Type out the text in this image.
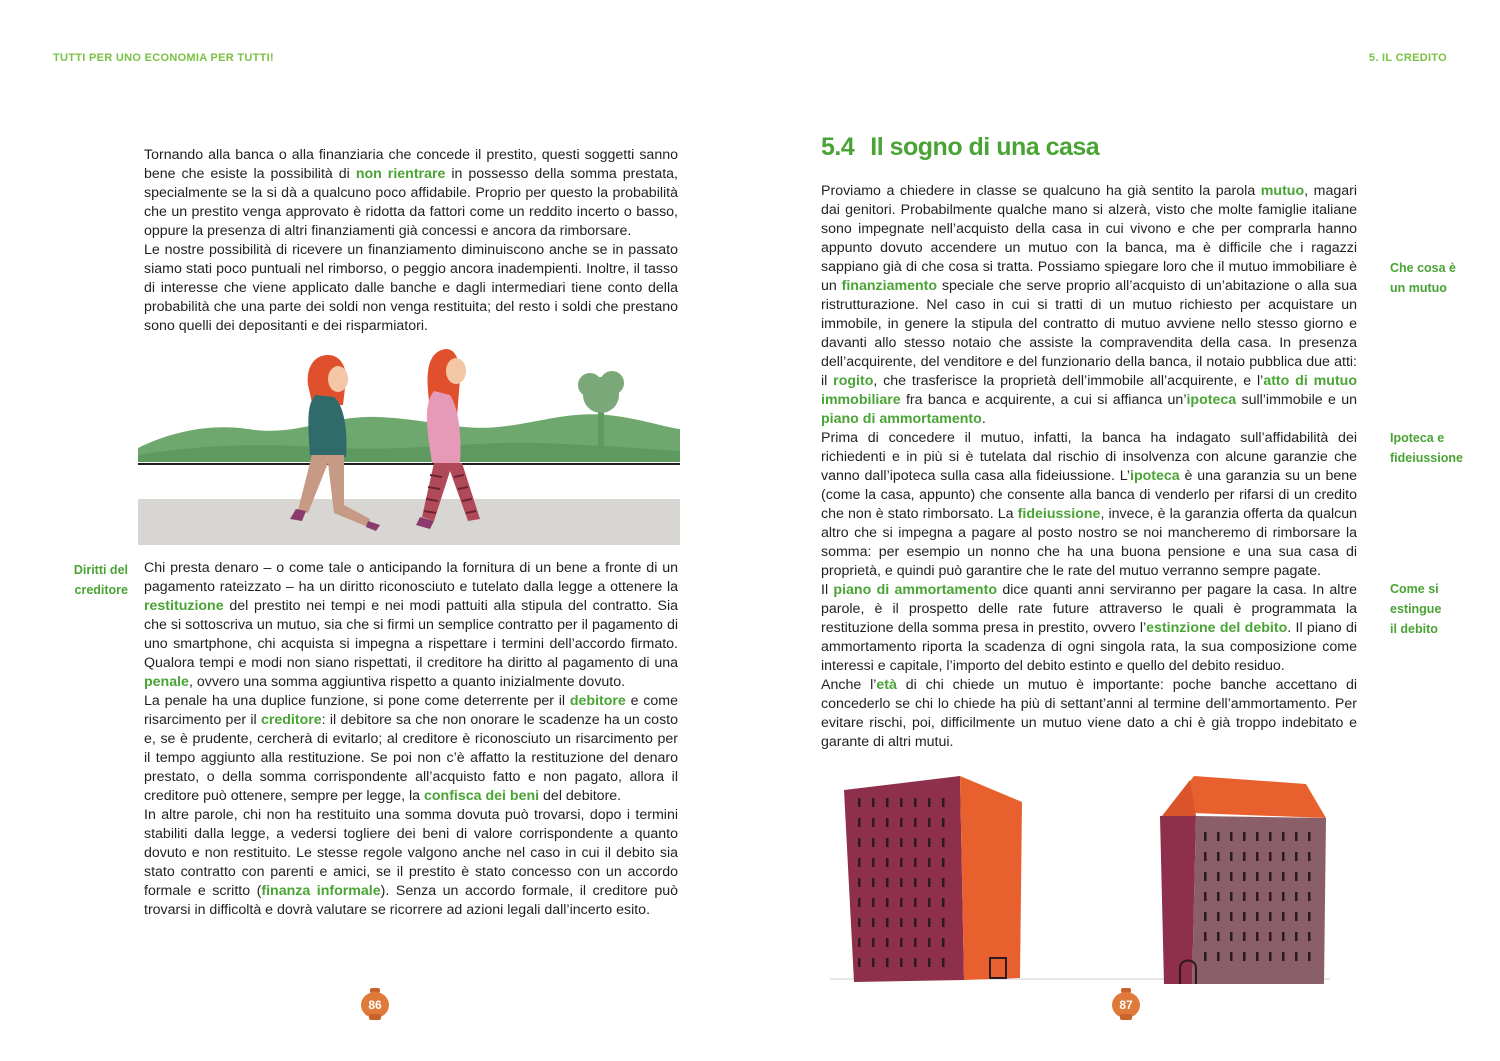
TUTTI PER UNO ECONOMIA PER TUTTI!	5. IL CREDITO

Tornando alla banca o alla finanziaria che concede il prestito, questi soggetti sanno bene che esiste la possibilità di non rientrare in possesso della somma prestata, specialmente se la si dà a qualcuno poco affidabile. Proprio per questo la probabilità che un prestito venga approvato è ridotta da fattori come un reddito incerto o basso, oppure la presenza di altri finanziamenti già concessi e ancora da rimborsare.

Le nostre possibilità di ricevere un finanziamento diminuiscono anche se in passato siamo stati poco puntuali nel rimborso, o peggio ancora inadempienti. Inoltre, il tasso di interesse che viene applicato dalle banche e dagli intermediari tiene conto della probabilità che una parte dei soldi non venga restituita; del resto i soldi che prestano sono quelli dei depositanti e dei risparmiatori.

Diritti del
creditore

Chi presta denaro – o come tale o anticipando la fornitura di un bene a fronte di un pagamento rateizzato – ha un diritto riconosciuto e tutelato dalla legge a ottenere la restituzione del prestito nei tempi e nei modi pattuiti alla stipula del contratto. Sia che si sottoscriva un mutuo, sia che si firmi un semplice contratto per il pagamento di uno smartphone, chi acquista si impegna a rispettare i termini dell’accordo firmato. Qualora tempi e modi non siano rispettati, il creditore ha diritto al pagamento di una penale, ovvero una somma aggiuntiva rispetto a quanto inizialmente dovuto.

La penale ha una duplice funzione, si pone come deterrente per il debitore e come risarcimento per il creditore: il debitore sa che non onorare le scadenze ha un costo e, se è prudente, cercherà di evitarlo; al creditore è riconosciuto un risarcimento per il tempo aggiunto alla restituzione. Se poi non c’è affatto la restituzione del denaro prestato, o della somma corrispondente all’acquisto fatto e non pagato, allora il creditore può ottenere, sempre per legge, la confisca dei beni del debitore.

In altre parole, chi non ha restituito una somma dovuta può trovarsi, dopo i termini stabiliti dalla legge, a vedersi togliere dei beni di valore corrispondente a quanto dovuto e non restituito. Le stesse regole valgono anche nel caso in cui il debito sia stato contratto con parenti e amici, se il prestito è stato concesso con un accordo formale e scritto (finanza informale). Senza un accordo formale, il creditore può trovarsi in difficoltà e dovrà valutare se ricorrere ad azioni legali dall’incerto esito.

86
5.4 Il sogno di una casa

Proviamo a chiedere in classe se qualcuno ha già sentito la parola mutuo, magari dai genitori. Probabilmente qualche mano si alzerà, visto che molte famiglie italiane sono impegnate nell’acquisto della casa in cui vivono e che per comprarla hanno appunto dovuto accendere un mutuo con la banca, ma è difficile che i ragazzi sappiano già di che cosa si tratta. Possiamo spiegare loro che il mutuo immobiliare è un finanziamento speciale che serve proprio all’acquisto di un’abitazione o alla sua ristrutturazione. Nel caso in cui si tratti di un mutuo richiesto per acquistare un immobile, in genere la stipula del contratto di mutuo avviene nello stesso giorno e davanti allo stesso notaio che assiste la compravendita della casa. In presenza dell’acquirente, del venditore e del funzionario della banca, il notaio pubblica due atti: il rogito, che trasferisce la proprietà dell’immobile all’acquirente, e l’atto di mutuo immobiliare fra banca e acquirente, a cui si affianca un’ipoteca sull’immobile e un piano di ammortamento.

Prima di concedere il mutuo, infatti, la banca ha indagato sull’affidabilità dei richiedenti e in più si è tutelata dal rischio di insolvenza con alcune garanzie che vanno dall’ipoteca sulla casa alla fideiussione. L’ipoteca è una garanzia su un bene (come la casa, appunto) che consente alla banca di venderlo per rifarsi di un credito che non è stato rimborsato. La fideiussione, invece, è la garanzia offerta da qualcun altro che si impegna a pagare al posto nostro se noi mancheremo di rimborsare la somma: per esempio un nonno che ha una buona pensione e una sua casa di proprietà, e quindi può garantire che le rate del mutuo verranno sempre pagate.

Il piano di ammortamento dice quanti anni serviranno per pagare la casa. In altre parole, è il prospetto delle rate future attraverso le quali è programmata la restituzione della somma presa in prestito, ovvero l’estinzione del debito. Il piano di ammortamento riporta la scadenza di ogni singola rata, la sua composizione come interessi e capitale, l’importo del debito estinto e quello del debito residuo.

Anche l’età di chi chiede un mutuo è importante: poche banche accettano di concederlo se chi lo chiede ha più di settant’anni al termine dell’ammortamento. Per evitare rischi, poi, difficilmente un mutuo viene dato a chi è già troppo indebitato e garante di altri mutui.

Che cosa è
un mutuo
Ipoteca e
fideiussione
Come si
estingue
il debito
87
